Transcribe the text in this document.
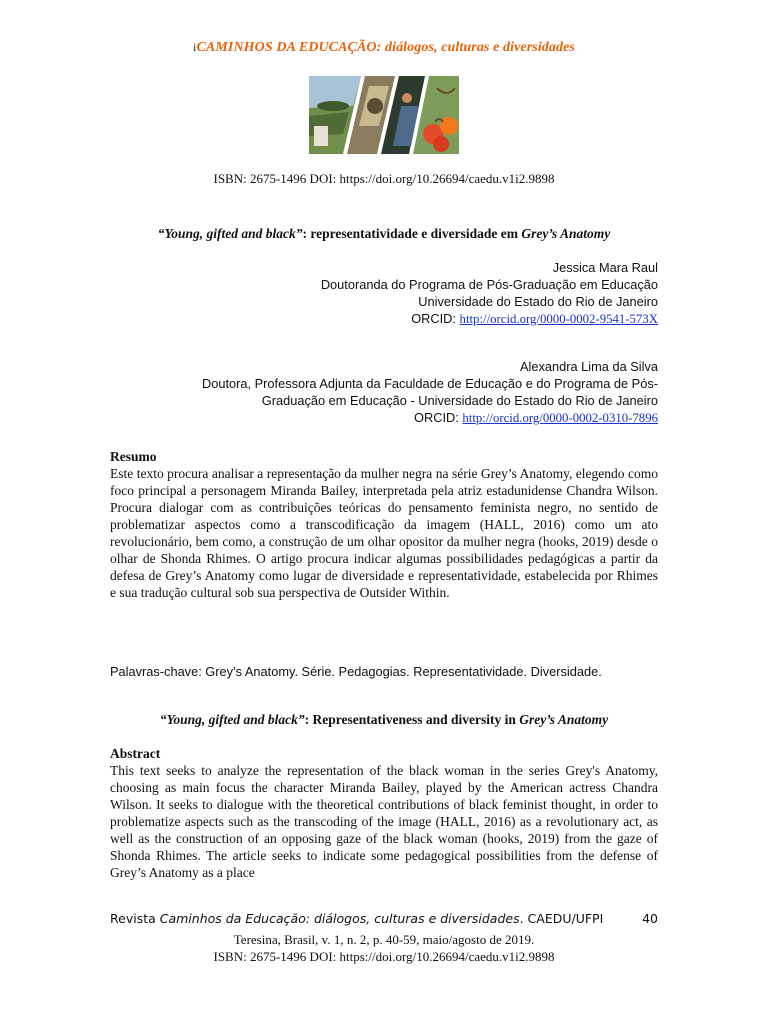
iCAMINHOS DA EDUCAÇÃO: diálogos, culturas e diversidades
ISBN: 2675-1496 DOI: https://doi.org/10.26694/caedu.v1i2.9898
“Young, gifted and black”: representatividade e diversidade em Grey’s Anatomy
Jessica Mara Raul
Doutoranda do Programa de Pós-Graduação em Educação
Universidade do Estado do Rio de Janeiro
ORCID: http://orcid.org/0000-0002-9541-573X
Alexandra Lima da Silva
Doutora, Professora Adjunta da Faculdade de Educação e do Programa de Pós-
Graduação em Educação - Universidade do Estado do Rio de Janeiro
ORCID: http://orcid.org/0000-0002-0310-7896
Resumo

Este texto procura analisar a representação da mulher negra na série Grey’s Anatomy, elegendo como foco principal a personagem Miranda Bailey, interpretada pela atriz estadunidense Chandra Wilson. Procura dialogar com as contribuições teóricas do pensamento feminista negro, no sentido de problematizar aspectos como a transcodificação da imagem (HALL, 2016) como um ato revolucionário, bem como, a construção de um olhar opositor da mulher negra (hooks, 2019) desde o olhar de Shonda Rhimes. O artigo procura indicar algumas possibilidades pedagógicas a partir da defesa de Grey’s Anatomy como lugar de diversidade e representatividade, estabelecida por Rhimes e sua tradução cultural sob sua perspectiva de Outsider Within.

Palavras-chave: Grey’s Anatomy. Série. Pedagogias. Representatividade. Diversidade.
“Young, gifted and black”: Representativeness and diversity in Grey’s Anatomy
Abstract

This text seeks to analyze the representation of the black woman in the series Grey's Anatomy, choosing as main focus the character Miranda Bailey, played by the American actress Chandra Wilson. It seeks to dialogue with the theoretical contributions of black feminist thought, in order to problematize aspects such as the transcoding of the image (HALL, 2016) as a revolutionary act, as well as the construction of an opposing gaze of the black woman (hooks, 2019) from the gaze of Shonda Rhimes. The article seeks to indicate some pedagogical possibilities from the defense of Grey’s Anatomy as a place

Revista Caminhos da Educação: diálogos, culturas e diversidades. CAEDU/UFPI	40
Teresina, Brasil, v. 1, n. 2, p. 40-59, maio/agosto de 2019.
ISBN: 2675-1496 DOI: https://doi.org/10.26694/caedu.v1i2.9898
